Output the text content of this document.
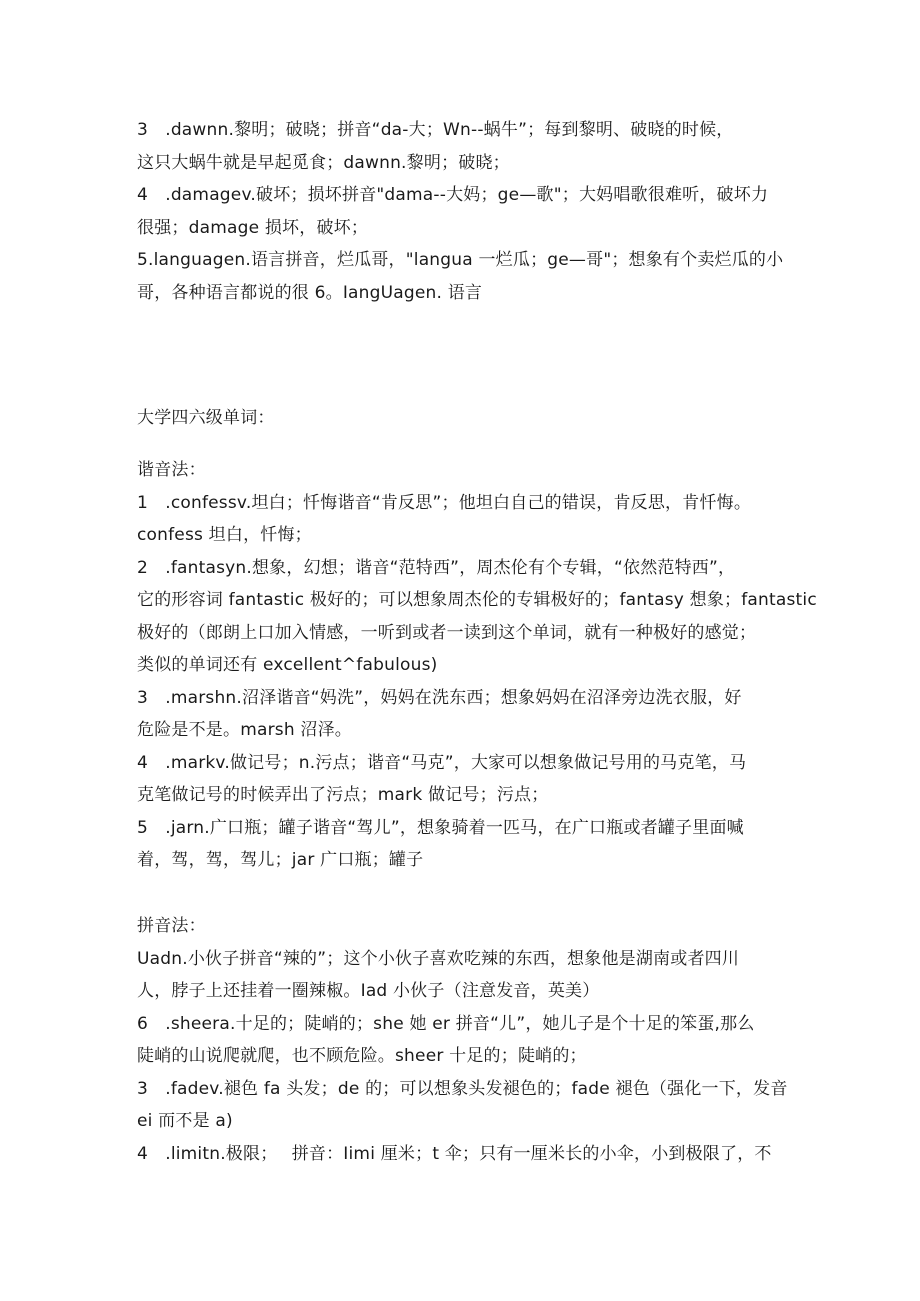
3　.dawnn.黎明；破晓；拼音“da-大；Wn--蜗牛”；每到黎明、破晓的时候，
这只大蜗牛就是早起觅食；dawnn.黎明；破晓；
4　.damagev.破坏；损坏拼音"dama--大妈；ge—歌"；大妈唱歌很难听，破坏力
很强；damage 损坏，破坏；
5.languagen.语言拼音，烂瓜哥，"langua 一烂瓜；ge—哥"；想象有个卖烂瓜的小
哥，各种语言都说的很 6。IangUagen. 语言
大学四六级单词：
谐音法：
1　.confessv.坦白；忏悔谐音“肯反思”；他坦白自己的错误，肯反思，肯忏悔。
confess 坦白，忏悔；
2　.fantasyn.想象，幻想；谐音“范特西”，周杰伦有个专辑，“依然范特西”，
它的形容词 fantastic 极好的；可以想象周杰伦的专辑极好的；fantasy 想象；fantastic
极好的（郎朗上口加入情感，一听到或者一读到这个单词，就有一种极好的感觉；
类似的单词还有 excellent^fabulous)
3　.marshn.沼泽谐音“妈洗”，妈妈在洗东西；想象妈妈在沼泽旁边洗衣服，好
危险是不是。marsh 沼泽。
4　.markv.做记号；n.污点；谐音“马克”，大家可以想象做记号用的马克笔，马
克笔做记号的时候弄出了污点；mark 做记号；污点；
5　.jarn.广口瓶；罐子谐音“驾儿”，想象骑着一匹马，在广口瓶或者罐子里面喊
着，驾，驾，驾儿；jar 广口瓶；罐子
拼音法：
Uadn.小伙子拼音“辣的”；这个小伙子喜欢吃辣的东西，想象他是湖南或者四川
人，脖子上还挂着一圈辣椒。Iad 小伙子（注意发音，英美）
6　.sheera.十足的；陡峭的；she 她 er 拼音“儿”，她儿子是个十足的笨蛋,那么
陡峭的山说爬就爬，也不顾危险。sheer 十足的；陡峭的；
3　.fadev.褪色 fa 头发；de 的；可以想象头发褪色的；fade 褪色（强化一下，发音
ei 而不是 a)
4　.limitn.极限；　 拼音：Iimi 厘米；t 伞；只有一厘米长的小伞，小到极限了，不
